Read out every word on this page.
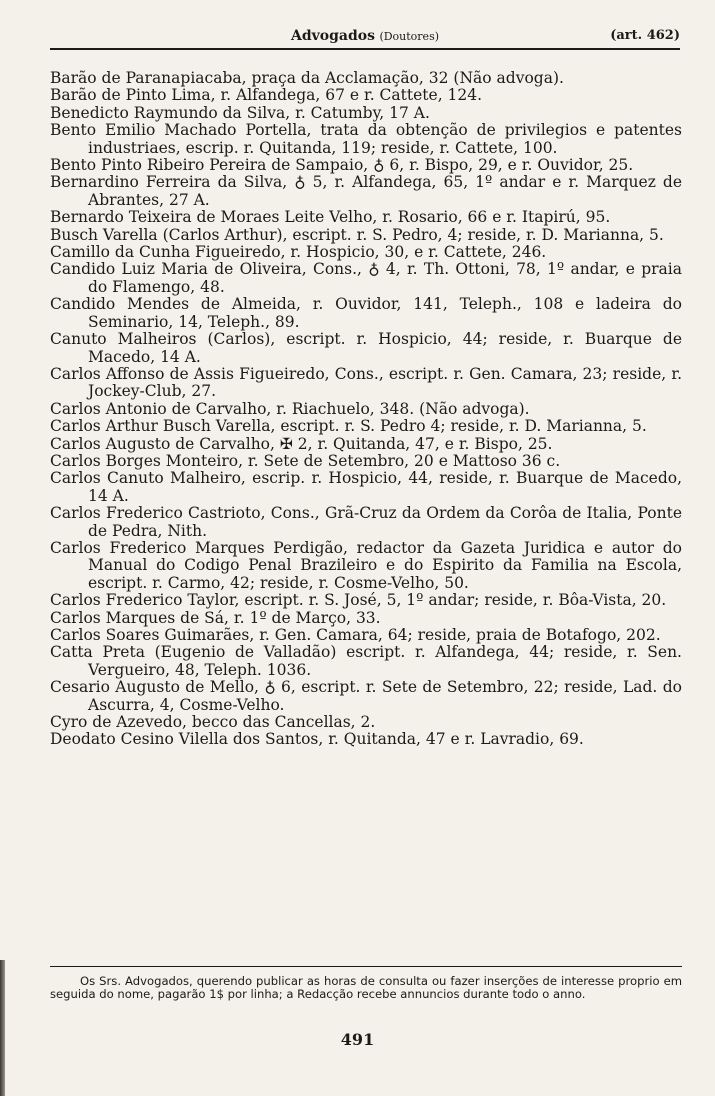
Advogados (Doutores)	(art. 462)

Barão de Paranapiacaba, praça da Acclamação, 32 (Não advoga).

Barão de Pinto Lima, r. Alfandega, 67 e r. Cattete, 124.

Benedicto Raymundo da Silva, r. Catumby, 17 A.

Bento Emilio Machado Portella, trata da obtenção de privilegios e patentes industriaes, escrip. r. Quitanda, 119; reside, r. Cattete, 100.

Bento Pinto Ribeiro Pereira de Sampaio, ♁ 6, r. Bispo, 29, e r. Ouvidor, 25.

Bernardino Ferreira da Silva, ♁ 5, r. Alfandega, 65, 1º andar e r. Marquez de Abrantes, 27 A.

Bernardo Teixeira de Moraes Leite Velho, r. Rosario, 66 e r. Itapirú, 95.

Busch Varella (Carlos Arthur), escript. r. S. Pedro, 4; reside, r. D. Marianna, 5.

Camillo da Cunha Figueiredo, r. Hospicio, 30, e r. Cattete, 246.

Candido Luiz Maria de Oliveira, Cons., ♁ 4, r. Th. Ottoni, 78, 1º andar, e praia do Flamengo, 48.

Candido Mendes de Almeida, r. Ouvidor, 141, Teleph., 108 e ladeira do Seminario, 14, Teleph., 89.

Canuto Malheiros (Carlos), escript. r. Hospicio, 44; reside, r. Buarque de Macedo, 14 A.

Carlos Affonso de Assis Figueiredo, Cons., escript. r. Gen. Camara, 23; reside, r. Jockey-Club, 27.

Carlos Antonio de Carvalho, r. Riachuelo, 348. (Não advoga).

Carlos Arthur Busch Varella, escript. r. S. Pedro 4; reside, r. D. Marianna, 5.

Carlos Augusto de Carvalho, ✠ 2, r. Quitanda, 47, e r. Bispo, 25.

Carlos Borges Monteiro, r. Sete de Setembro, 20 e Mattoso 36 c.

Carlos Canuto Malheiro, escrip. r. Hospicio, 44, reside, r. Buarque de Macedo, 14 A.

Carlos Frederico Castrioto, Cons., Grã-Cruz da Ordem da Corôa de Italia, Ponte de Pedra, Nith.

Carlos Frederico Marques Perdigão, redactor da Gazeta Juridica e autor do Manual do Codigo Penal Brazileiro e do Espirito da Familia na Escola, escript. r. Carmo, 42; reside, r. Cosme-Velho, 50.

Carlos Frederico Taylor, escript. r. S. José, 5, 1º andar; reside, r. Bôa-Vista, 20.

Carlos Marques de Sá, r. 1º de Março, 33.

Carlos Soares Guimarães, r. Gen. Camara, 64; reside, praia de Botafogo, 202.

Catta Preta (Eugenio de Valladão) escript. r. Alfandega, 44; reside, r. Sen. Vergueiro, 48, Teleph. 1036.

Cesario Augusto de Mello, ♁ 6, escript. r. Sete de Setembro, 22; reside, Lad. do Ascurra, 4, Cosme-Velho.

Cyro de Azevedo, becco das Cancellas, 2.

Deodato Cesino Vilella dos Santos, r. Quitanda, 47 e r. Lavradio, 69.

Os Srs. Advogados, querendo publicar as horas de consulta ou fazer inserções de interesse proprio em seguida do nome, pagarão 1$ por linha; a Redacção recebe annuncios durante todo o anno.

491
